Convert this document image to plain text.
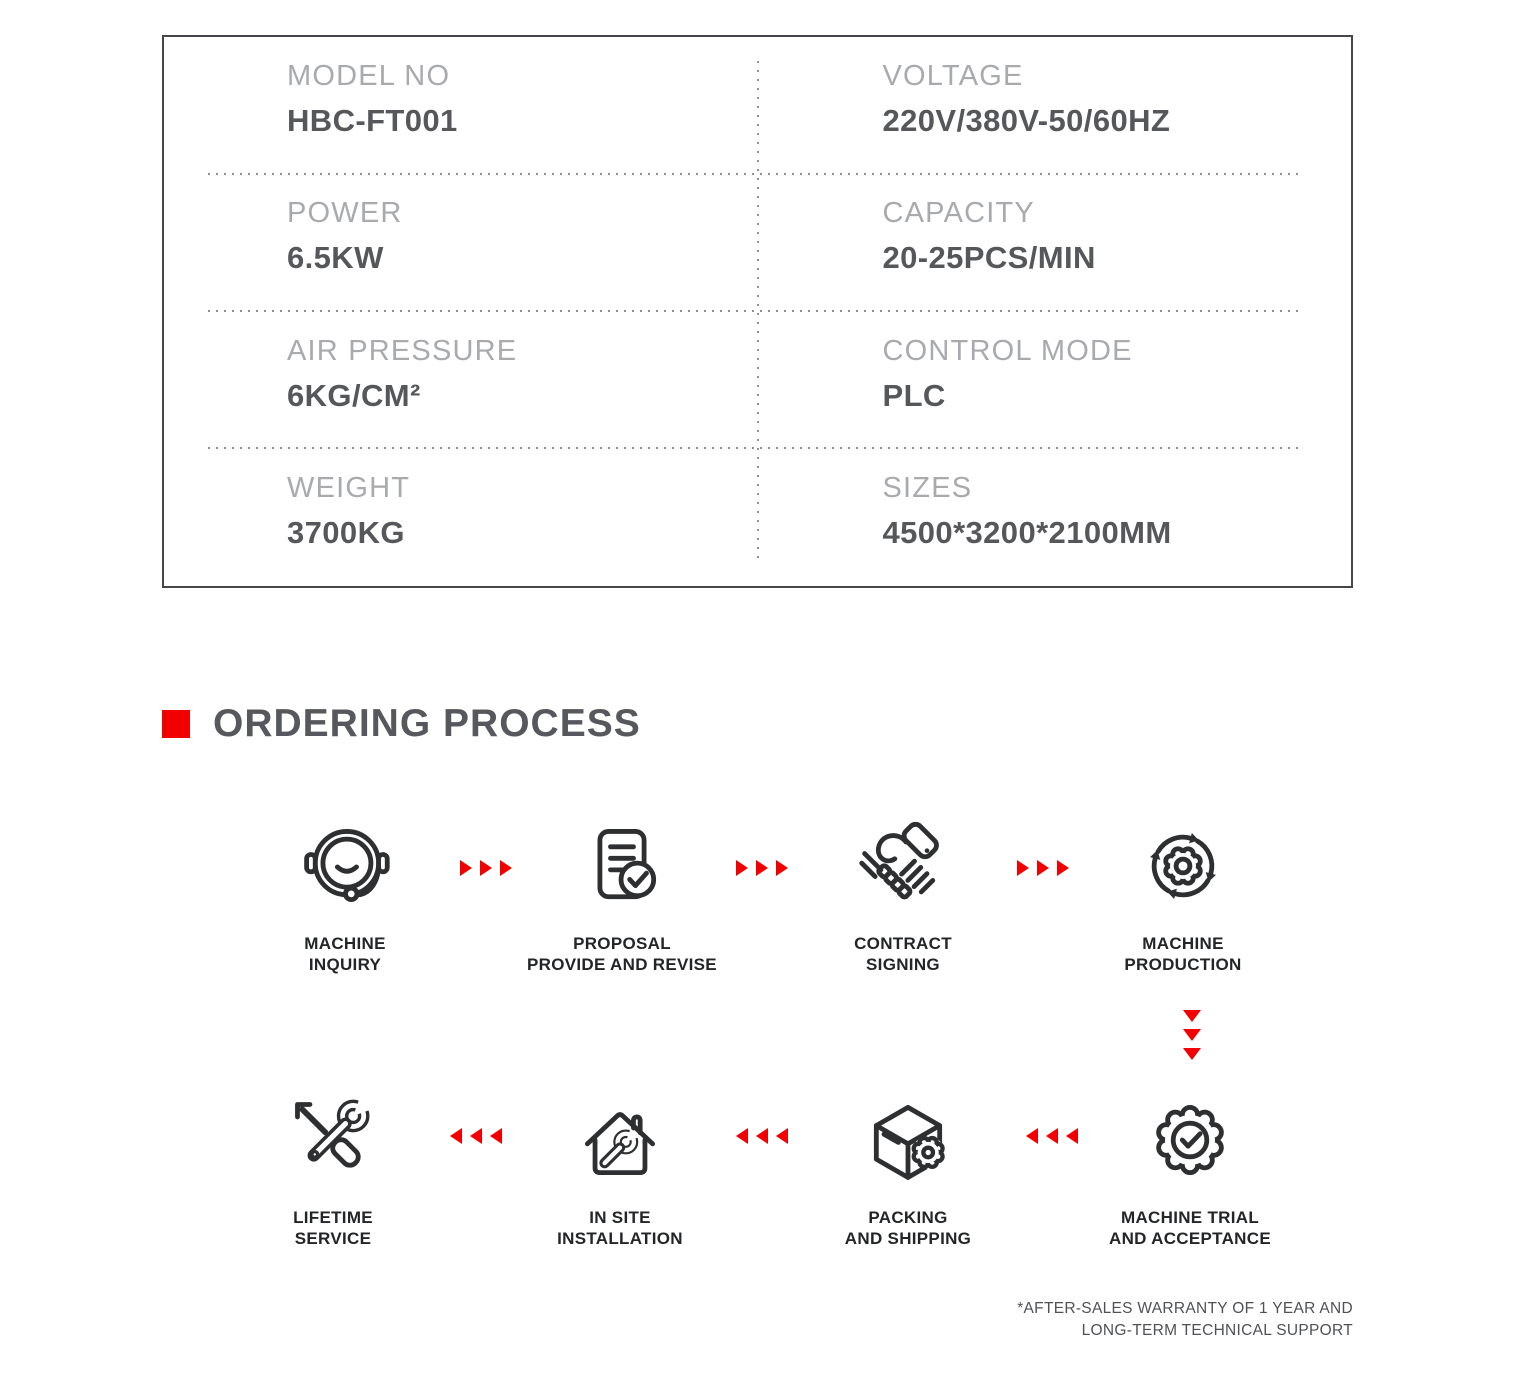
MODEL NO
HBC-FT001
VOLTAGE
220V/380V-50/60HZ
POWER
6.5KW
CAPACITY
20-25PCS/MIN
AIR PRESSURE
6KG/CM²
CONTROL MODE
PLC
WEIGHT
3700KG
SIZES
4500*3200*2100MM
ORDERING PROCESS
MACHINE
INQUIRY
PROPOSAL
PROVIDE AND REVISE
CONTRACT
SIGNING
MACHINE
PRODUCTION
LIFETIME
SERVICE
IN SITE
INSTALLATION
PACKING
AND SHIPPING
MACHINE TRIAL
AND ACCEPTANCE
*AFTER-SALES WARRANTY OF 1 YEAR AND
LONG-TERM TECHNICAL SUPPORT
